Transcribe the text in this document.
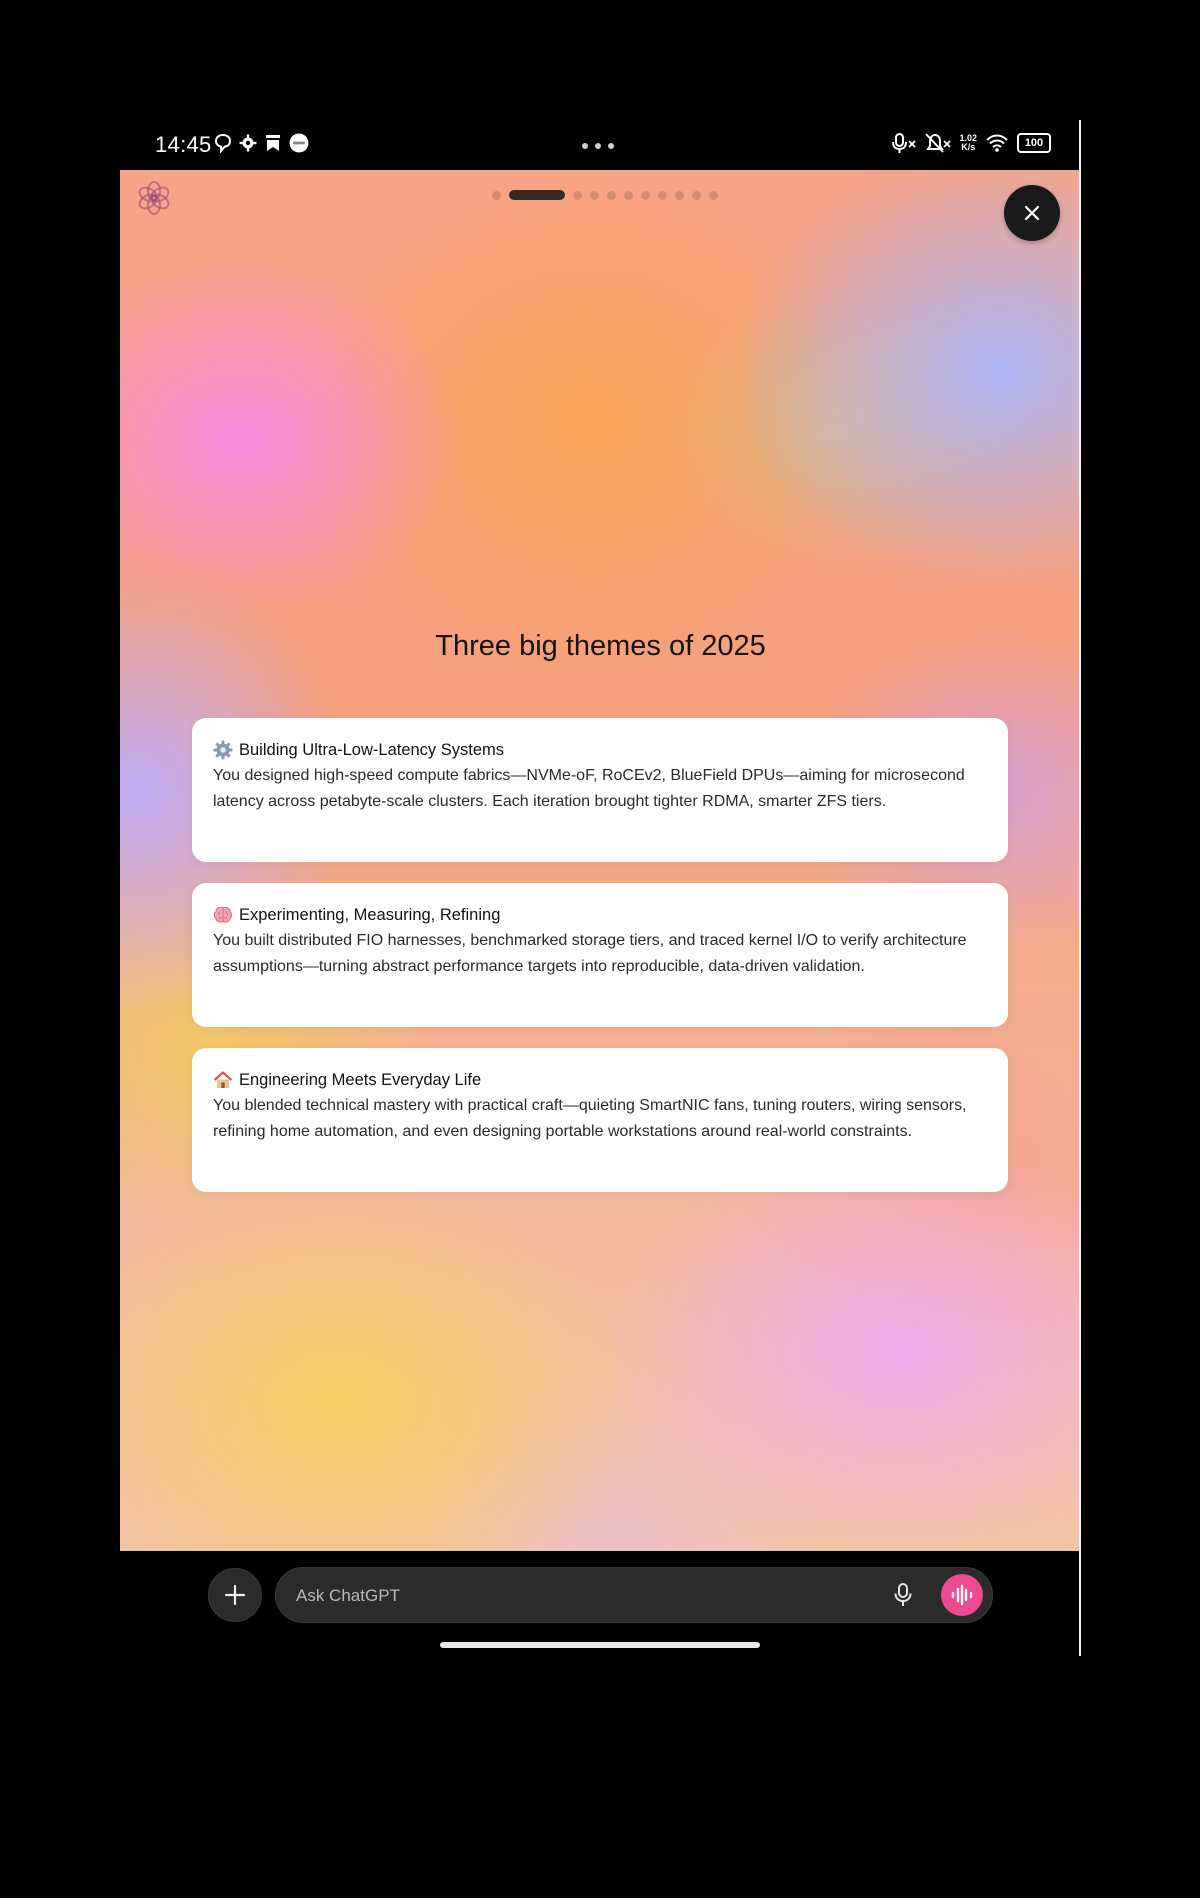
14:45	1.02
K/s	100
Three big themes of 2025
Building Ultra-Low-Latency Systems
You designed high-speed compute fabrics—NVMe-oF, RoCEv2, BlueField DPUs—aiming for microsecond latency across petabyte-scale clusters. Each iteration brought tighter RDMA, smarter ZFS tiers.
Experimenting, Measuring, Refining
You built distributed FIO harnesses, benchmarked storage tiers, and traced kernel I/O to verify architecture assumptions—turning abstract performance targets into reproducible, data-driven validation.
Engineering Meets Everyday Life
You blended technical mastery with practical craft—quieting SmartNIC fans, tuning routers, wiring sensors, refining home automation, and even designing portable workstations around real-world constraints.
Ask ChatGPT
